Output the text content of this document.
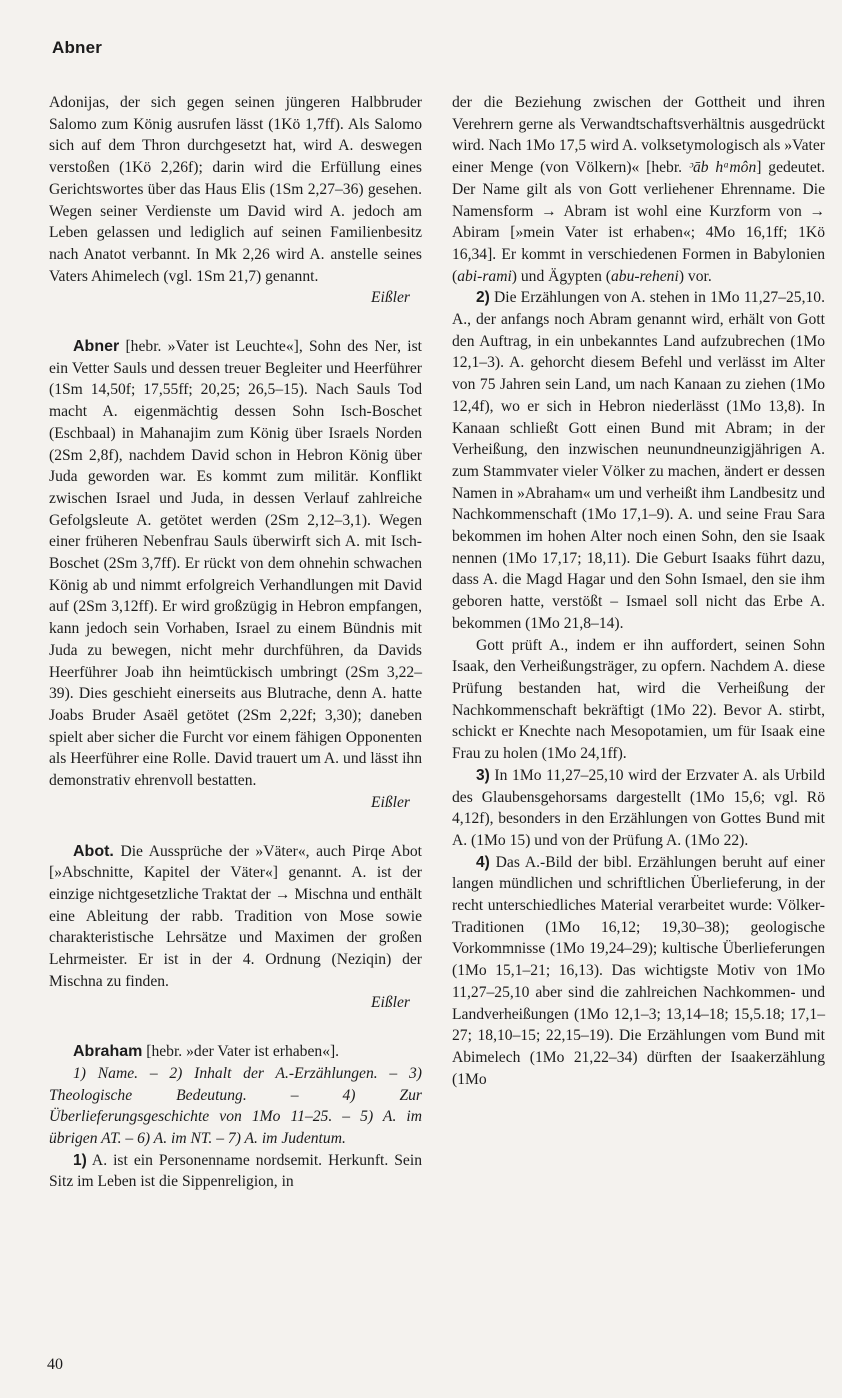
Abner

Adonijas, der sich gegen seinen jüngeren Halbbruder Salomo zum König ausrufen lässt (1Kö 1,7ff). Als Salomo sich auf dem Thron durchgesetzt hat, wird A. deswegen verstoßen (1Kö 2,26f); darin wird die Erfüllung eines Gerichtswortes über das Haus Elis (1Sm 2,27–36) gesehen. Wegen seiner Verdienste um David wird A. jedoch am Leben gelassen und lediglich auf seinen Familienbesitz nach Anatot verbannt. In Mk 2,26 wird A. anstelle seines Vaters Ahimelech (vgl. 1Sm 21,7) genannt.

Eißler

Abner [hebr. »Vater ist Leuchte«], Sohn des Ner, ist ein Vetter Sauls und dessen treuer Begleiter und Heerführer (1Sm 14,50f; 17,55ff; 20,25; 26,5–15). Nach Sauls Tod macht A. eigenmächtig dessen Sohn Isch-Boschet (Eschbaal) in Mahanajim zum König über Israels Norden (2Sm 2,8f), nachdem David schon in Hebron König über Juda geworden war. Es kommt zum militär. Konflikt zwischen Israel und Juda, in dessen Verlauf zahlreiche Gefolgsleute A. getötet werden (2Sm 2,12–3,1). Wegen einer früheren Nebenfrau Sauls überwirft sich A. mit Isch-Boschet (2Sm 3,7ff). Er rückt von dem ohnehin schwachen König ab und nimmt erfolgreich Verhandlungen mit David auf (2Sm 3,12ff). Er wird großzügig in Hebron empfangen, kann jedoch sein Vorhaben, Israel zu einem Bündnis mit Juda zu bewegen, nicht mehr durchführen, da Davids Heerführer Joab ihn heimtückisch umbringt (2Sm 3,22–39). Dies geschieht einerseits aus Blutrache, denn A. hatte Joabs Bruder Asaël getötet (2Sm 2,22f; 3,30); daneben spielt aber sicher die Furcht vor einem fähigen Opponenten als Heerführer eine Rolle. David trauert um A. und lässt ihn demonstrativ ehrenvoll bestatten.

Eißler

Abot. Die Aussprüche der »Väter«, auch Pirqe Abot [»Abschnitte, Kapitel der Väter«] genannt. A. ist der einzige nichtgesetzliche Traktat der → Mischna und enthält eine Ableitung der rabb. Tradition von Mose sowie charakteristische Lehrsätze und Maximen der großen Lehrmeister. Er ist in der 4. Ordnung (Neziqin) der Mischna zu finden.

Eißler

Abraham [hebr. »der Vater ist erhaben«].

1) Name. – 2) Inhalt der A.-Erzählungen. – 3) Theologische Bedeutung. – 4) Zur Überlieferungsgeschichte von 1Mo 11–25. – 5) A. im übrigen AT. – 6) A. im NT. – 7) A. im Judentum.

1) A. ist ein Personenname nordsemit. Herkunft. Sein Sitz im Leben ist die Sippenreligion, in

der die Beziehung zwischen der Gottheit und ihren Verehrern gerne als Verwandtschaftsverhältnis ausgedrückt wird. Nach 1Mo 17,5 wird A. volksetymologisch als »Vater einer Menge (von Völkern)« [hebr. ᵓāb hᵃmôn] gedeutet. Der Name gilt als von Gott verliehener Ehrenname. Die Namensform → Abram ist wohl eine Kurzform von → Abiram [»mein Vater ist erhaben«; 4Mo 16,1ff; 1Kö 16,34]. Er kommt in verschiedenen Formen in Babylonien (abi-rami) und Ägypten (abu-reheni) vor.

2) Die Erzählungen von A. stehen in 1Mo 11,27–25,10. A., der anfangs noch Abram genannt wird, erhält von Gott den Auftrag, in ein unbekanntes Land aufzubrechen (1Mo 12,1–3). A. gehorcht diesem Befehl und verlässt im Alter von 75 Jahren sein Land, um nach Kanaan zu ziehen (1Mo 12,4f), wo er sich in Hebron niederlässt (1Mo 13,8). In Kanaan schließt Gott einen Bund mit Abram; in der Verheißung, den inzwischen neunundneunzigjährigen A. zum Stammvater vieler Völker zu machen, ändert er dessen Namen in »Abraham« um und verheißt ihm Landbesitz und Nachkommenschaft (1Mo 17,1–9). A. und seine Frau Sara bekommen im hohen Alter noch einen Sohn, den sie Isaak nennen (1Mo 17,17; 18,11). Die Geburt Isaaks führt dazu, dass A. die Magd Hagar und den Sohn Ismael, den sie ihm geboren hatte, verstößt – Ismael soll nicht das Erbe A. bekommen (1Mo 21,8–14).

Gott prüft A., indem er ihn auffordert, seinen Sohn Isaak, den Verheißungsträger, zu opfern. Nachdem A. diese Prüfung bestanden hat, wird die Verheißung der Nachkommenschaft bekräftigt (1Mo 22). Bevor A. stirbt, schickt er Knechte nach Mesopotamien, um für Isaak eine Frau zu holen (1Mo 24,1ff).

3) In 1Mo 11,27–25,10 wird der Erzvater A. als Urbild des Glaubensgehorsams dargestellt (1Mo 15,6; vgl. Rö 4,12f), besonders in den Erzählungen von Gottes Bund mit A. (1Mo 15) und von der Prüfung A. (1Mo 22).

4) Das A.-Bild der bibl. Erzählungen beruht auf einer langen mündlichen und schriftlichen Überlieferung, in der recht unterschiedliches Material verarbeitet wurde: Völker-Traditionen (1Mo 16,12; 19,30–38); geologische Vorkommnisse (1Mo 19,24–29); kultische Überlieferungen (1Mo 15,1–21; 16,13). Das wichtigste Motiv von 1Mo 11,27–25,10 aber sind die zahlreichen Nachkommen- und Landverheißungen (1Mo 12,1–3; 13,14–18; 15,5.18; 17,1–27; 18,10–15; 22,15–19). Die Erzählungen vom Bund mit Abimelech (1Mo 21,22–34) dürften der Isaakerzählung (1Mo

40
